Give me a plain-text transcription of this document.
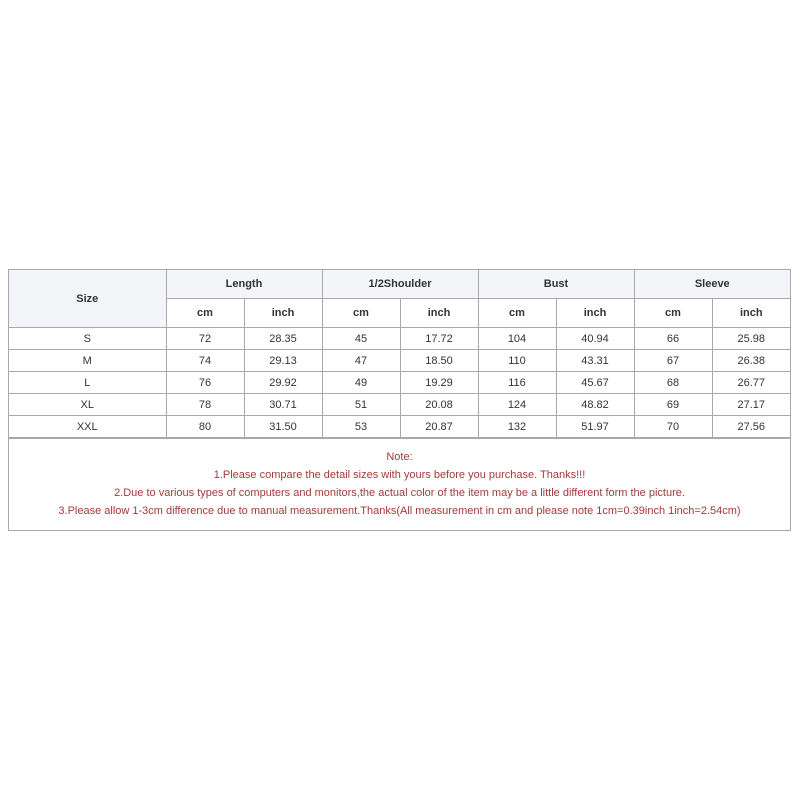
Size	Length		1/2Shoulder		Bust		Sleeve	
	cm	inch	cm	inch	cm	inch	cm	inch
S	72	28.35	45	17.72	104	40.94	66	25.98
M	74	29.13	47	18.50	110	43.31	67	26.38
L	76	29.92	49	19.29	116	45.67	68	26.77
XL	78	30.71	51	20.08	124	48.82	69	27.17
XXL	80	31.50	53	20.87	132	51.97	70	27.56
Note:
1.Please compare the detail sizes with yours before you purchase. Thanks!!!
2.Due to various types of computers and monitors,the actual color of the item may be a little different form the picture.
3.Please allow 1-3cm difference due to manual measurement.Thanks(All measurement in cm and please note 1cm=0.39inch 1inch=2.54cm)
